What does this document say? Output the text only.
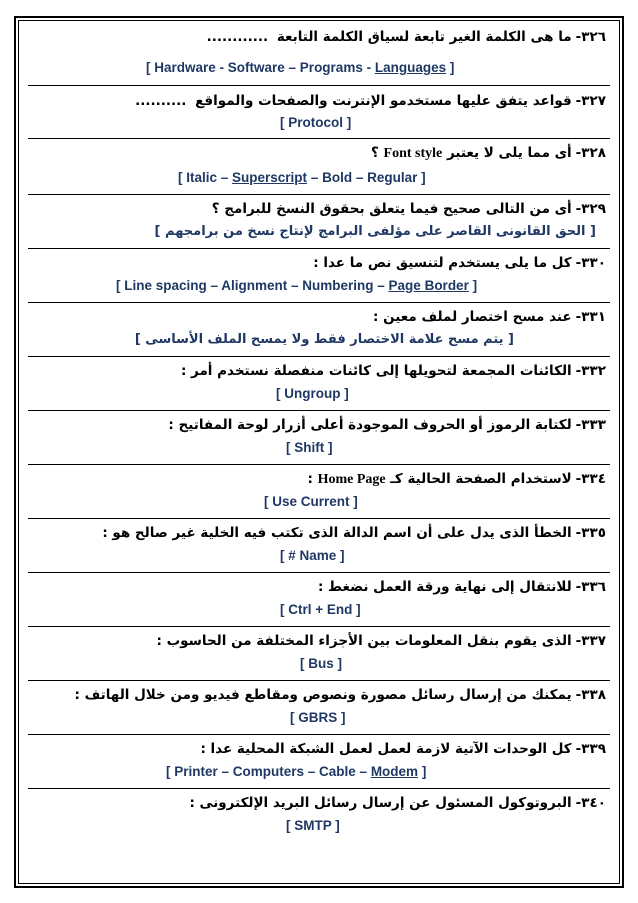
٣٢٦-ما هى الكلمة الغير تابعة لسياق الكلمة التابعة ............
[ Hardware - Software – Programs - Languages ]
٣٢٧-قواعد يتفق عليها مستخدمو الإنترنت والصفحات والمواقع ..........
[ Protocol ]
٣٢٨-أى مما يلى لا يعتبر Font style ؟
[ Italic – Superscript – Bold – Regular ]
٣٢٩-أى من التالى صحيح فيما يتعلق بحقوق النسخ للبرامج ؟
[ الحق القانونى القاصر على مؤلفى البرامج لإنتاج نسخ من برامجهم ]
٣٣٠-كل ما يلى يستخدم لتنسيق نص ما عدا :
[ Line spacing – Alignment – Numbering – Page Border ]
٣٣١-عند مسح اختصار لملف معين :
[ يتم مسح علامة الاختصار فقط ولا يمسح الملف الأساسى ]
٣٣٢-الكائنات المجمعة لتحويلها إلى كائنات منفصلة نستخدم أمر :
[ Ungroup ]
٣٣٣-لكتابة الرموز أو الحروف الموجودة أعلى أزرار لوحة المفاتيح :
[ Shift ]
٣٣٤-لاستخدام الصفحة الحالية كـ Home Page :
[ Use Current ]
٣٣٥-الخطأ الذى يدل على أن اسم الدالة الذى تكتب فيه الخلية غير صالح هو :
[ # Name ]
٣٣٦-للانتقال إلى نهاية ورقة العمل نضغط :
[ Ctrl + End ]
٣٣٧-الذى يقوم بنقل المعلومات بين الأجزاء المختلفة من الحاسوب :
[ Bus ]
٣٣٨-يمكنك من إرسال رسائل مصورة ونصوص ومقاطع فيديو ومن خلال الهاتف :
[ GBRS ]
٣٣٩-كل الوحدات الآتية لازمة لعمل لعمل الشبكة المحلية عدا :
[ Printer – Computers – Cable – Modem ]
٣٤٠-البروتوكول المسئول عن إرسال رسائل البريد الإلكترونى :
[ SMTP ]
